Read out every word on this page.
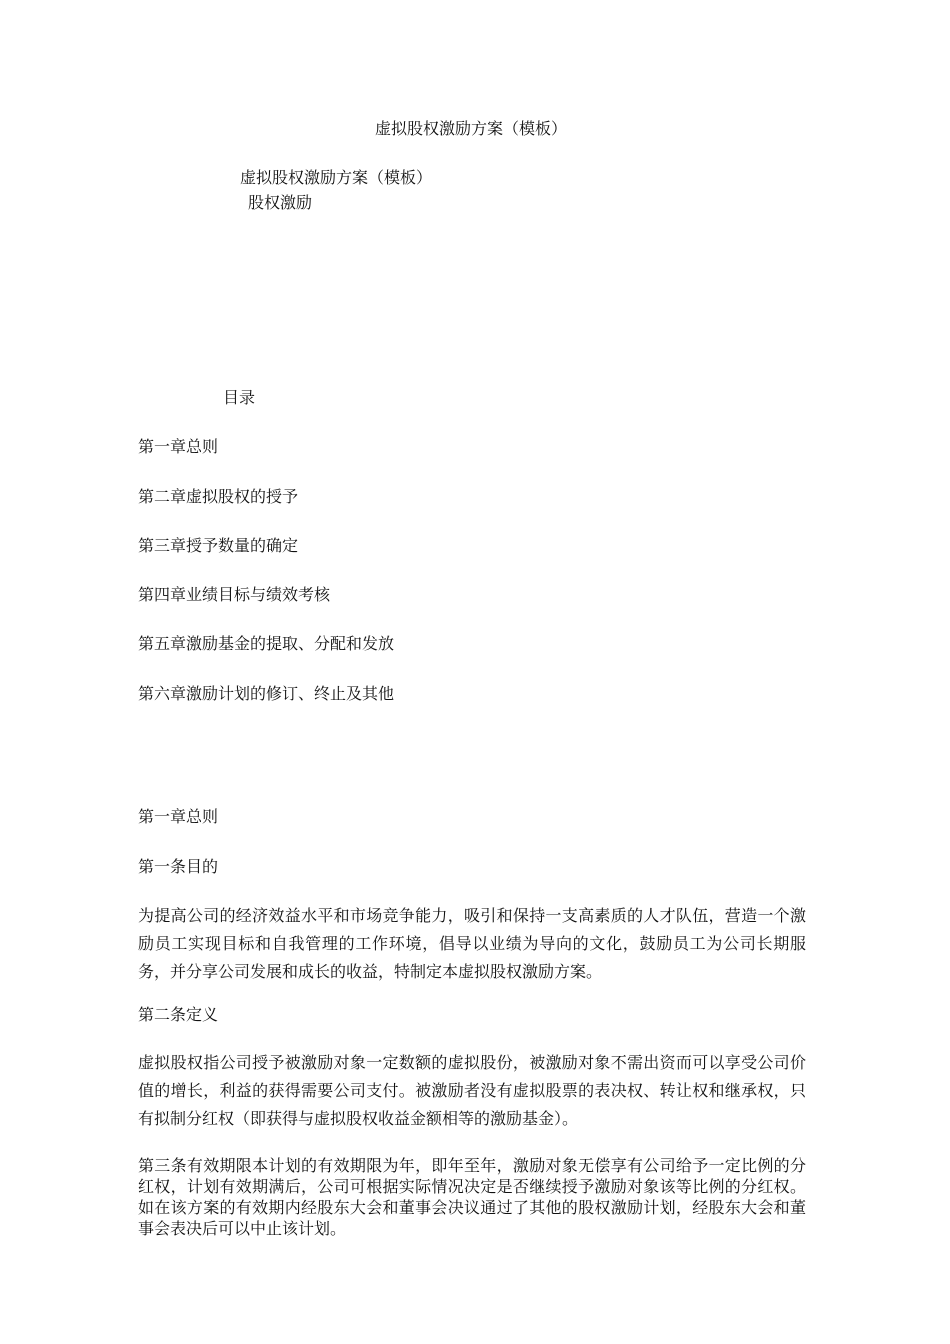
虚拟股权激励方案（模板）
虚拟股权激励方案（模板）
股权激励
目录
第一章总则
第二章虚拟股权的授予
第三章授予数量的确定
第四章业绩目标与绩效考核
第五章激励基金的提取、分配和发放
第六章激励计划的修订、终止及其他
第一章总则
第一条目的
为提高公司的经济效益水平和市场竞争能力，吸引和保持一支高素质的人才队伍，营造一个激励员工实现目标和自我管理的工作环境，倡导以业绩为导向的文化，鼓励员工为公司长期服务，并分享公司发展和成长的收益，特制定本虚拟股权激励方案。
第二条定义
虚拟股权指公司授予被激励对象一定数额的虚拟股份，被激励对象不需出资而可以享受公司价值的增长，利益的获得需要公司支付。被激励者没有虚拟股票的表决权、转让权和继承权，只有拟制分红权（即获得与虚拟股权收益金额相等的激励基金）。
第三条有效期限本计划的有效期限为年，即年至年，激励对象无偿享有公司给予一定比例的分红权，计划有效期满后，公司可根据实际情况决定是否继续授予激励对象该等比例的分红权。如在该方案的有效期内经股东大会和董事会决议通过了其他的股权激励计划，经股东大会和董事会表决后可以中止该计划。
